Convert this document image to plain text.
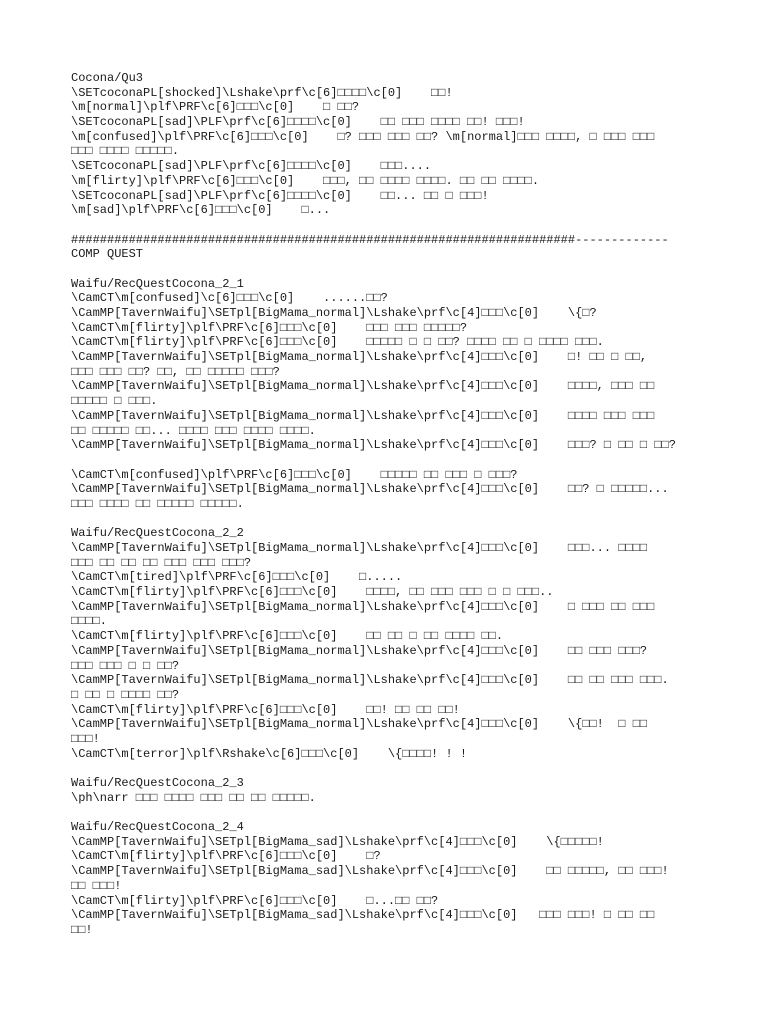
Cocona/Qu3
\SETcoconaPL[shocked]\Lshake\prf\c[6]□□□□\c[0]    □□!
\m[normal]\plf\PRF\c[6]□□□\c[0]    □ □□?
\SETcoconaPL[sad]\PLF\prf\c[6]□□□□\c[0]    □□ □□□ □□□□ □□! □□□!
\m[confused]\plf\PRF\c[6]□□□\c[0]    □? □□□ □□□ □□? \m[normal]□□□ □□□□, □ □□□ □□□
□□□ □□□□ □□□□□.
\SETcoconaPL[sad]\PLF\prf\c[6]□□□□\c[0]    □□□....
\m[flirty]\plf\PRF\c[6]□□□\c[0]    □□□, □□ □□□□ □□□□. □□ □□ □□□□.
\SETcoconaPL[sad]\PLF\prf\c[6]□□□□\c[0]    □□... □□ □ □□□!
\m[sad]\plf\PRF\c[6]□□□\c[0]    □...
######################################################################-------------
COMP QUEST
Waifu/RecQuestCocona_2_1
\CamCT\m[confused]\c[6]□□□\c[0]    ......□□?
\CamMP[TavernWaifu]\SETpl[BigMama_normal]\Lshake\prf\c[4]□□□\c[0]    \{□?
\CamCT\m[flirty]\plf\PRF\c[6]□□□\c[0]    □□□ □□□ □□□□□?
\CamCT\m[flirty]\plf\PRF\c[6]□□□\c[0]    □□□□□ □ □ □□? □□□□ □□ □ □□□□ □□□.
\CamMP[TavernWaifu]\SETpl[BigMama_normal]\Lshake\prf\c[4]□□□\c[0]    □! □□ □ □□,
□□□ □□□ □□? □□, □□ □□□□□ □□□?
\CamMP[TavernWaifu]\SETpl[BigMama_normal]\Lshake\prf\c[4]□□□\c[0]    □□□□, □□□ □□
□□□□□ □ □□□.
\CamMP[TavernWaifu]\SETpl[BigMama_normal]\Lshake\prf\c[4]□□□\c[0]    □□□□ □□□ □□□
□□ □□□□□ □□... □□□□ □□□ □□□□ □□□□.
\CamMP[TavernWaifu]\SETpl[BigMama_normal]\Lshake\prf\c[4]□□□\c[0]    □□□? □ □□ □ □□?
\CamCT\m[confused]\plf\PRF\c[6]□□□\c[0]    □□□□□ □□ □□□ □ □□□?
\CamMP[TavernWaifu]\SETpl[BigMama_normal]\Lshake\prf\c[4]□□□\c[0]    □□? □ □□□□□...
□□□ □□□□ □□ □□□□□ □□□□□.
Waifu/RecQuestCocona_2_2
\CamMP[TavernWaifu]\SETpl[BigMama_normal]\Lshake\prf\c[4]□□□\c[0]    □□□... □□□□
□□□ □□ □□ □□ □□□ □□□ □□□?
\CamCT\m[tired]\plf\PRF\c[6]□□□\c[0]    □.....
\CamCT\m[flirty]\plf\PRF\c[6]□□□\c[0]    □□□□, □□ □□□ □□□ □ □ □□□..
\CamMP[TavernWaifu]\SETpl[BigMama_normal]\Lshake\prf\c[4]□□□\c[0]    □ □□□ □□ □□□
□□□□.
\CamCT\m[flirty]\plf\PRF\c[6]□□□\c[0]    □□ □□ □ □□ □□□□ □□.
\CamMP[TavernWaifu]\SETpl[BigMama_normal]\Lshake\prf\c[4]□□□\c[0]    □□ □□□ □□□?
□□□ □□□ □ □ □□?
\CamMP[TavernWaifu]\SETpl[BigMama_normal]\Lshake\prf\c[4]□□□\c[0]    □□ □□ □□□ □□□.
□ □□ □ □□□□ □□?
\CamCT\m[flirty]\plf\PRF\c[6]□□□\c[0]    □□! □□ □□ □□!
\CamMP[TavernWaifu]\SETpl[BigMama_normal]\Lshake\prf\c[4]□□□\c[0]    \{□□!  □ □□
□□□!
\CamCT\m[terror]\plf\Rshake\c[6]□□□\c[0]    \{□□□□! ! !
Waifu/RecQuestCocona_2_3
\ph\narr □□□ □□□□ □□□ □□ □□ □□□□□.
Waifu/RecQuestCocona_2_4
\CamMP[TavernWaifu]\SETpl[BigMama_sad]\Lshake\prf\c[4]□□□\c[0]    \{□□□□□!
\CamCT\m[flirty]\plf\PRF\c[6]□□□\c[0]    □?
\CamMP[TavernWaifu]\SETpl[BigMama_sad]\Lshake\prf\c[4]□□□\c[0]    □□ □□□□□, □□ □□□!
□□ □□□!
\CamCT\m[flirty]\plf\PRF\c[6]□□□\c[0]    □...□□ □□?
\CamMP[TavernWaifu]\SETpl[BigMama_sad]\Lshake\prf\c[4]□□□\c[0]   □□□ □□□! □ □□ □□
□□!
